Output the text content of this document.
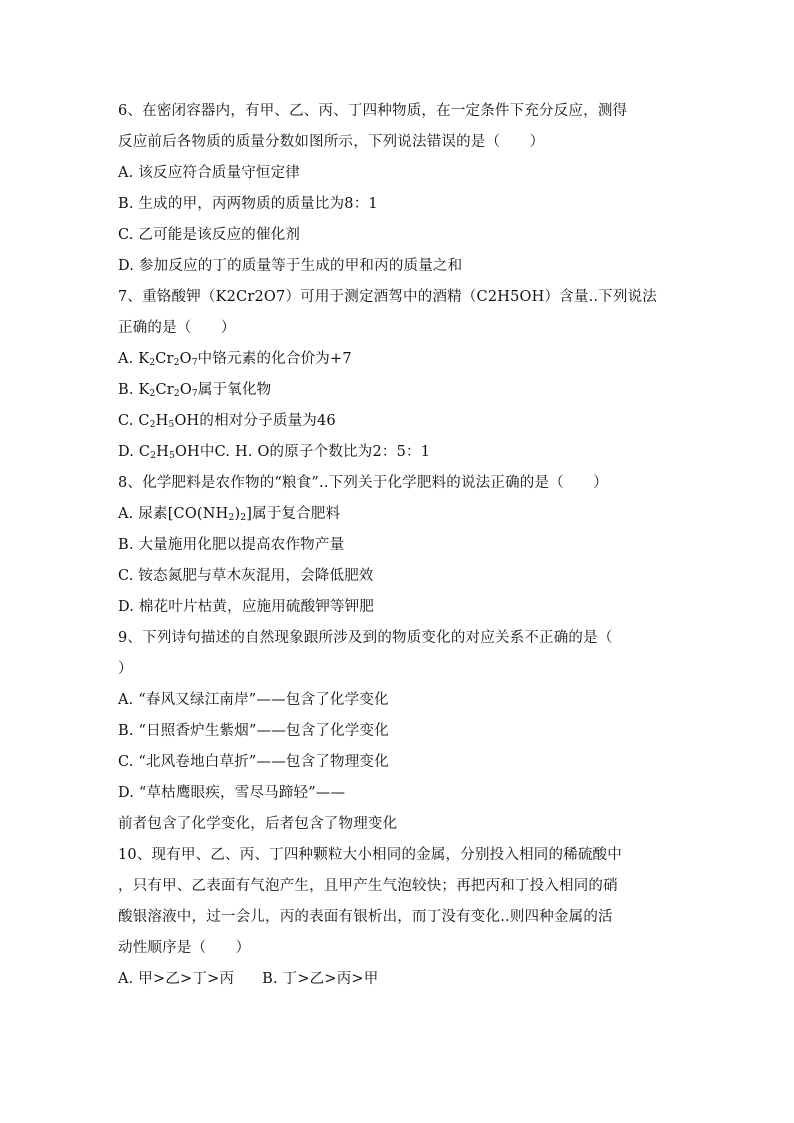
6、在密闭容器内，有甲、乙、丙、丁四种物质，在一定条件下充分反应，测得
反应前后各物质的质量分数如图所示，下列说法错误的是（　　）
A. 该反应符合质量守恒定律
B. 生成的甲，丙两物质的质量比为8：1
C. 乙可能是该反应的催化剂
D. 参加反应的丁的质量等于生成的甲和丙的质量之和
7、重铬酸钾（K2Cr2O7）可用于测定酒驾中的酒精（C2H5OH）含量..下列说法
正确的是（　　）
A. $K_2Cr_2O_7$中铬元素的化合价为+7
B. $K_2Cr_2O_7$属于氧化物
C. $C_2H_5OH$的相对分子质量为46
D. $C_2H_5OH$中C. H. O的原子个数比为2：5：1
8、化学肥料是农作物的“粮食”..下列关于化学肥料的说法正确的是（　　）
A. 尿素$[CO(NH_2)_2]$属于复合肥料
B. 大量施用化肥以提高农作物产量
C. 铵态氮肥与草木灰混用，会降低肥效
D. 棉花叶片枯黄，应施用硫酸钾等钾肥
9、下列诗句描述的自然现象跟所涉及到的物质变化的对应关系不正确的是（
）
A. “春风又绿江南岸”——包含了化学变化
B. “日照香炉生紫烟”——包含了化学变化
C. “北风卷地白草折”——包含了物理变化
D. “草枯鹰眼疾，雪尽马蹄轻”——
前者包含了化学变化，后者包含了物理变化
10、现有甲、乙、丙、丁四种颗粒大小相同的金属，分别投入相同的稀硫酸中
，只有甲、乙表面有气泡产生，且甲产生气泡较快；再把丙和丁投入相同的硝
酸银溶液中，过一会儿，丙的表面有银析出，而丁没有变化..则四种金属的活
动性顺序是（　　）
A. 甲>乙>丁>丙 B. 丁>乙>丙>甲
